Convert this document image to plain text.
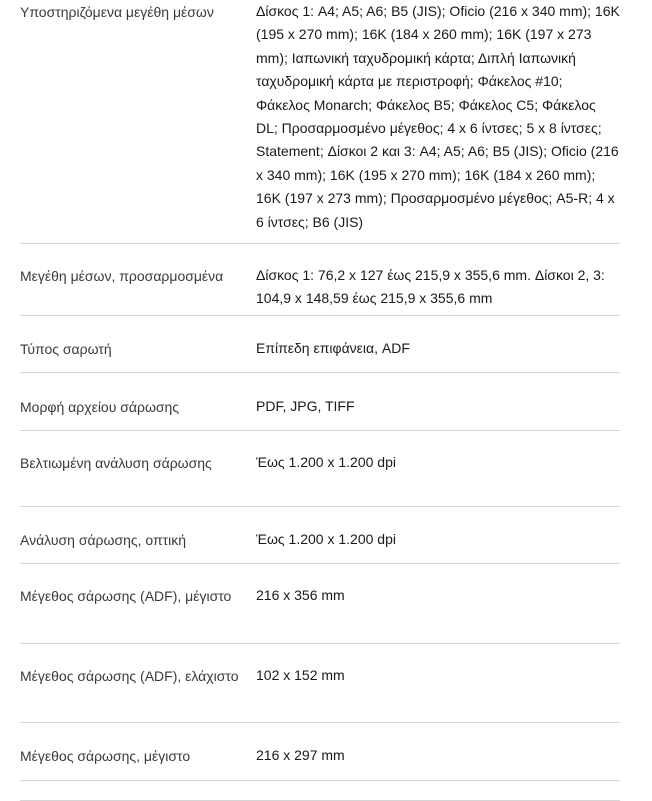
Υποστηριζόμενα μεγέθη μέσων	Δίσκος 1: A4; A5; A6; B5 (JIS); Oficio (216 x 340 mm); 16K (195 x 270 mm); 16K (184 x 260 mm); 16K (197 x 273 mm); Ιαπωνική ταχυδρομική κάρτα; Διπλή Ιαπωνική ταχυδρομική κάρτα με περιστροφή; Φάκελος #10; Φάκελος Monarch; Φάκελος B5; Φάκελος C5; Φάκελος DL; Προσαρμοσμένο μέγεθος; 4 x 6 ίντσες; 5 x 8 ίντσες; Statement; Δίσκοι 2 και 3: A4; A5; A6; B5 (JIS); Oficio (216 x 340 mm); 16K (195 x 270 mm); 16K (184 x 260 mm); 16K (197 x 273 mm); Προσαρμοσμένο μέγεθος; A5-R; 4 x 6 ίντσες; B6 (JIS)
Μεγέθη μέσων, προσαρμοσμένα	Δίσκος 1: 76,2 x 127 έως 215,9 x 355,6 mm. Δίσκοι 2, 3: 104,9 x 148,59 έως 215,9 x 355,6 mm
Τύπος σαρωτή	Επίπεδη επιφάνεια, ADF
Μορφή αρχείου σάρωσης	PDF, JPG, TIFF
Βελτιωμένη ανάλυση σάρωσης	Έως 1.200 x 1.200 dpi
Ανάλυση σάρωσης, οπτική	Έως 1.200 x 1.200 dpi
Μέγεθος σάρωσης (ADF), μέγιστο	216 x 356 mm
Μέγεθος σάρωσης (ADF), ελάχιστο	102 x 152 mm
Μέγεθος σάρωσης, μέγιστο	216 x 297 mm
